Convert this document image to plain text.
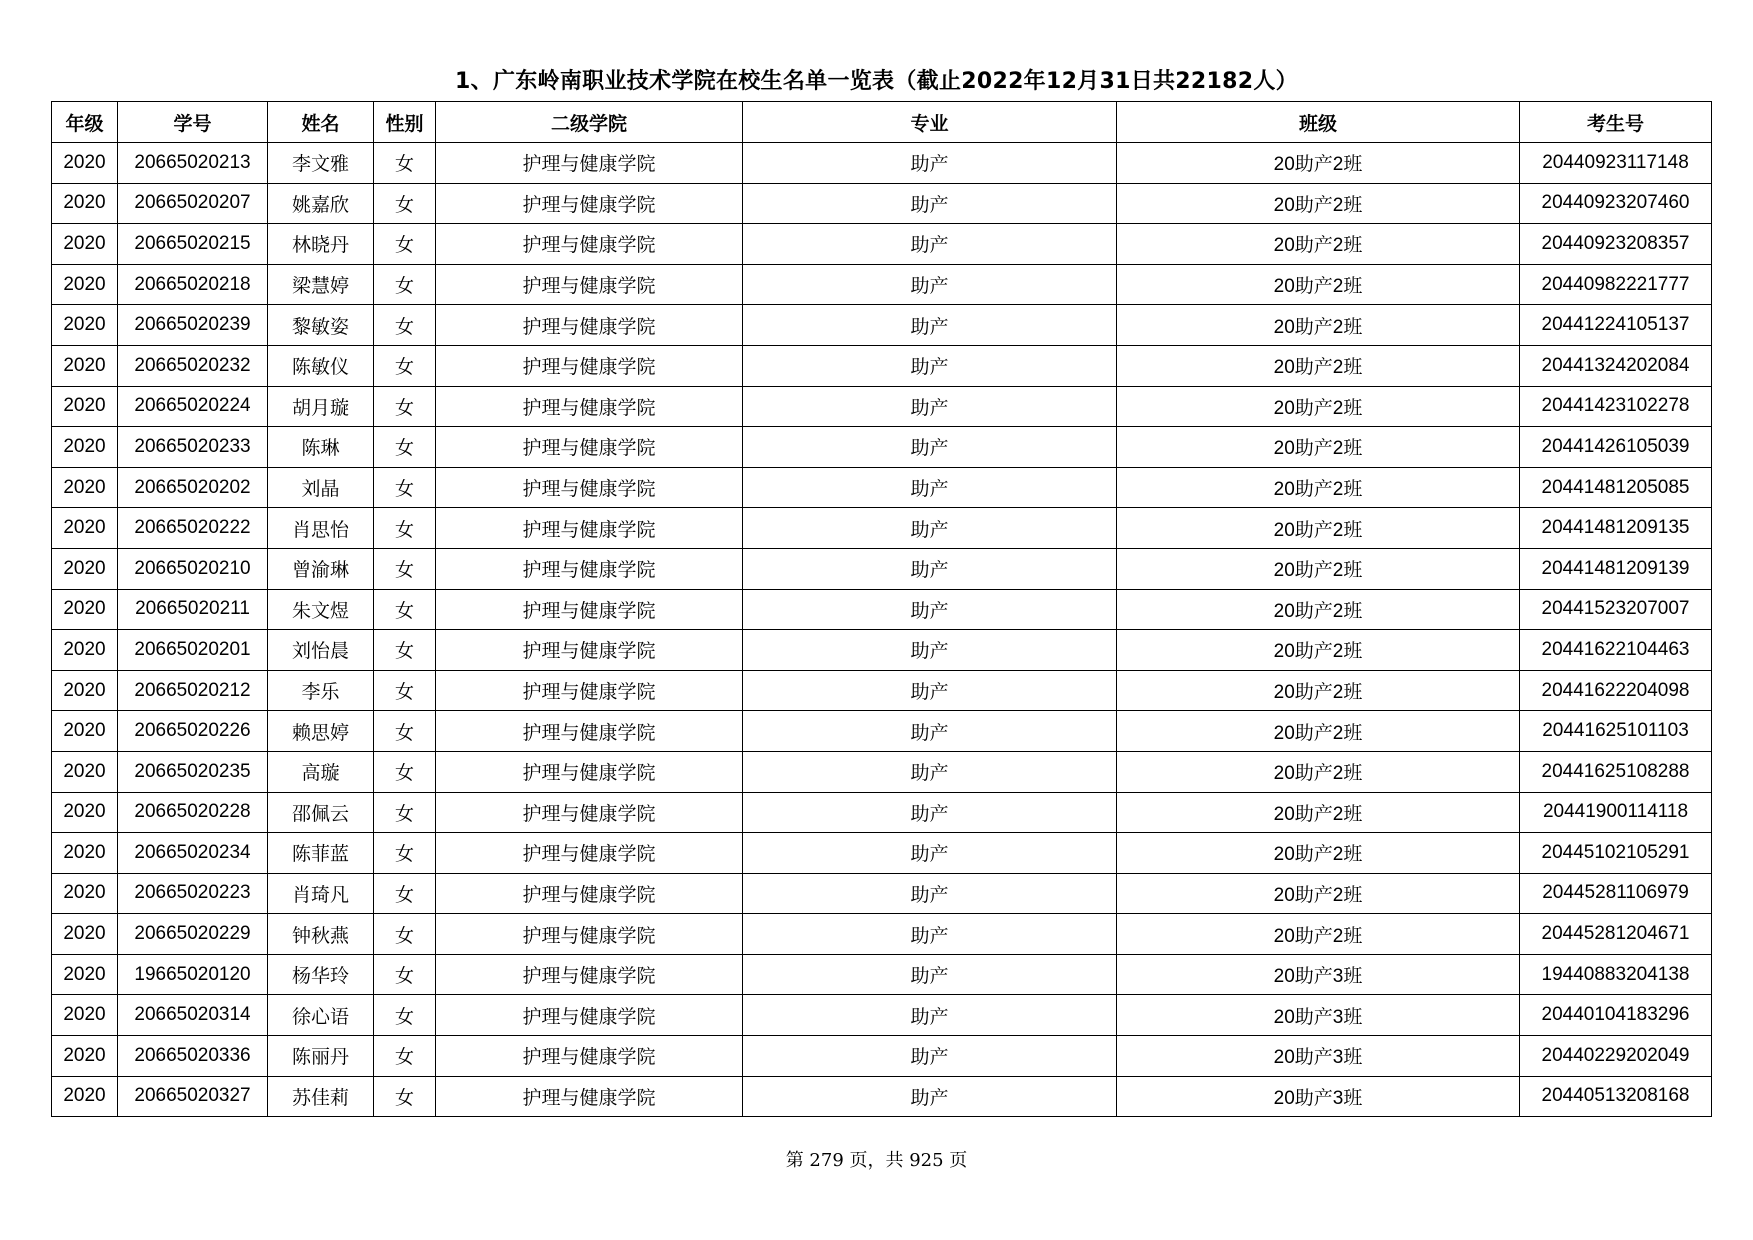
1、广东岭南职业技术学院在校生名单一览表（截止2022年12月31日共22182人）
年级	学号	姓名	性别	二级学院	专业	班级	考生号
2020	20665020213	李文雅	女	护理与健康学院	助产	20助产2班	20440923117148
2020	20665020207	姚嘉欣	女	护理与健康学院	助产	20助产2班	20440923207460
2020	20665020215	林晓丹	女	护理与健康学院	助产	20助产2班	20440923208357
2020	20665020218	梁慧婷	女	护理与健康学院	助产	20助产2班	20440982221777
2020	20665020239	黎敏姿	女	护理与健康学院	助产	20助产2班	20441224105137
2020	20665020232	陈敏仪	女	护理与健康学院	助产	20助产2班	20441324202084
2020	20665020224	胡月璇	女	护理与健康学院	助产	20助产2班	20441423102278
2020	20665020233	陈琳	女	护理与健康学院	助产	20助产2班	20441426105039
2020	20665020202	刘晶	女	护理与健康学院	助产	20助产2班	20441481205085
2020	20665020222	肖思怡	女	护理与健康学院	助产	20助产2班	20441481209135
2020	20665020210	曾渝琳	女	护理与健康学院	助产	20助产2班	20441481209139
2020	20665020211	朱文煜	女	护理与健康学院	助产	20助产2班	20441523207007
2020	20665020201	刘怡晨	女	护理与健康学院	助产	20助产2班	20441622104463
2020	20665020212	李乐	女	护理与健康学院	助产	20助产2班	20441622204098
2020	20665020226	赖思婷	女	护理与健康学院	助产	20助产2班	20441625101103
2020	20665020235	高璇	女	护理与健康学院	助产	20助产2班	20441625108288
2020	20665020228	邵佩云	女	护理与健康学院	助产	20助产2班	20441900114118
2020	20665020234	陈菲蓝	女	护理与健康学院	助产	20助产2班	20445102105291
2020	20665020223	肖琦凡	女	护理与健康学院	助产	20助产2班	20445281106979
2020	20665020229	钟秋燕	女	护理与健康学院	助产	20助产2班	20445281204671
2020	19665020120	杨华玲	女	护理与健康学院	助产	20助产3班	19440883204138
2020	20665020314	徐心语	女	护理与健康学院	助产	20助产3班	20440104183296
2020	20665020336	陈丽丹	女	护理与健康学院	助产	20助产3班	20440229202049
2020	20665020327	苏佳莉	女	护理与健康学院	助产	20助产3班	20440513208168
第 279 页，共 925 页
